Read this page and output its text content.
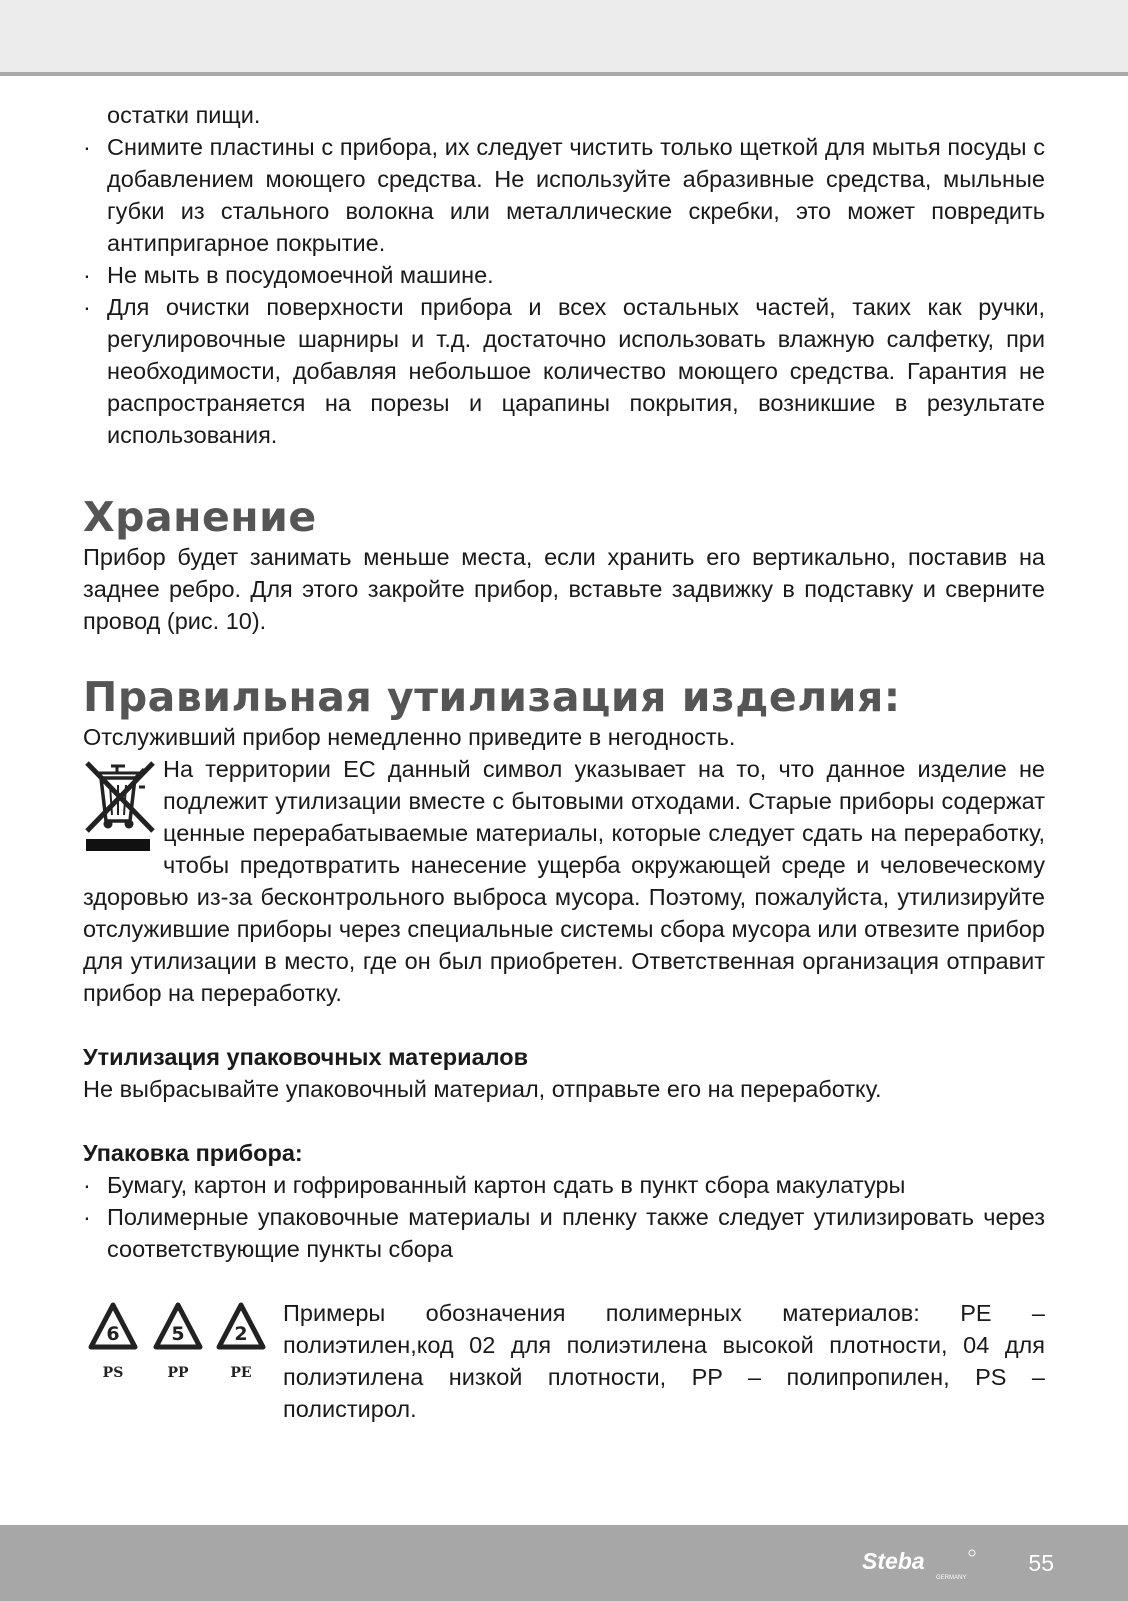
остатки пищи.

· Снимите пластины с прибора, их следует чистить только щеткой для мытья посуды с добавлением моющего средства. Не используйте абразивные средства, мыльные губки из стального волокна или металлические скребки, это может повредить антипригарное покрытие.

· Не мыть в посудомоечной машине.

· Для очистки поверхности прибора и всех остальных частей, таких как ручки, регулировочные шарниры и т.д. достаточно использовать влажную салфетку, при необходимости, добавляя небольшое количество моющего средства. Гарантия не распространяется на порезы и царапины покрытия, возникшие в результате использования.

Хранение

Прибор будет занимать меньше места, если хранить его вертикально, поставив на заднее ребро. Для этого закройте прибор, вставьте задвижку в подставку и сверните провод (рис. 10).

Правильная утилизация изделия:

Отслуживший прибор немедленно приведите в негодность.

На территории ЕС данный символ указывает на то, что данное изделие не подлежит утилизации вместе с бытовыми отходами. Старые приборы содержат ценные перерабатываемые материалы, которые следует сдать на переработку, чтобы предотвратить нанесение ущерба окружающей среде и человеческому здоровью из-за бесконтрольного выброса мусора. Поэтому, пожалуйста, утилизируйте отслужившие приборы через специальные системы сбора мусора или отвезите прибор для утилизации в место, где он был приобретен. Ответственная организация отправит прибор на переработку.

Утилизация упаковочных материалов

Не выбрасывайте упаковочный материал, отправьте его на переработку.

Упаковка прибора:

· Бумагу, картон и гофрированный картон сдать в пункт сбора макулатуры

· Полимерные упаковочные материалы и пленку также следует утилизировать через соответствующие пункты сбора

6
PS
5
PP
2
PE

Примеры обозначения полимерных материалов: PE – полиэтилен,код 02 для полиэтилена высокой плотности, 04 для полиэтилена низкой плотности, PP – полипропилен, PS – полистирол.

Steba
GERMANY
55
